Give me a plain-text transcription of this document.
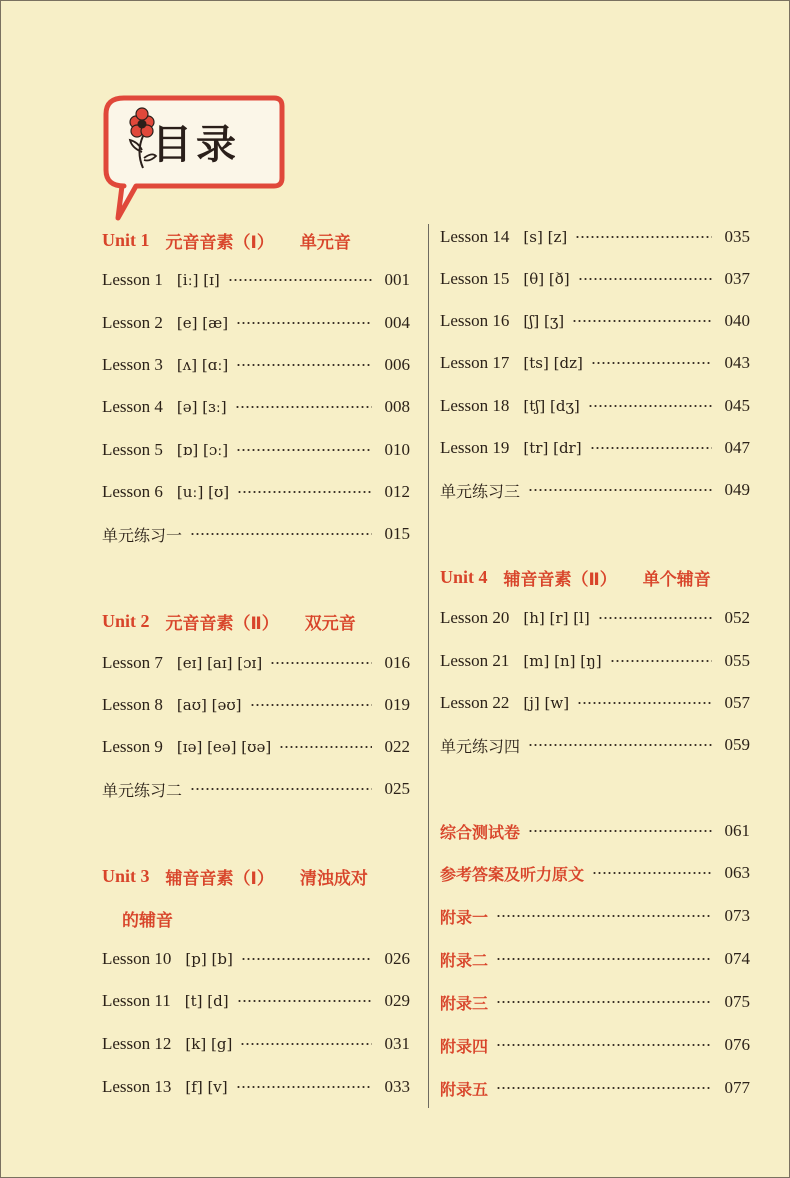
目录
Unit 1 元音音素（Ⅰ） 单元音
Unit 2 元音音素（Ⅱ） 双元音
Unit 3 辅音音素（Ⅰ） 清浊成对
的辅音
Unit 4 辅音音素（Ⅱ） 单个辅音
Lesson 1 [iː] [ɪ]	001
Lesson 2 [e] [æ]	004
Lesson 3 [ʌ] [ɑː]	006
Lesson 4 [ə] [ɜː]	008
Lesson 5 [ɒ] [ɔː]	010
Lesson 6 [uː] [ʊ]	012
单元练习一	015
Lesson 7 [eɪ] [aɪ] [ɔɪ]	016
Lesson 8 [aʊ] [əʊ]	019
Lesson 9 [ɪə] [eə] [ʊə]	022
单元练习二	025
Lesson 10 [p] [b]	026
Lesson 11 [t] [d]	029
Lesson 12 [k] [g]	031
Lesson 13 [f] [v]	033
Lesson 14 [s] [z]	035
Lesson 15 [θ] [ð]	037
Lesson 16 [ʃ] [ʒ]	040
Lesson 17 [ts] [dz]	043
Lesson 18 [tʃ] [dʒ]	045
Lesson 19 [tr] [dr]	047
单元练习三	049
Lesson 20 [h] [r] [l]	052
Lesson 21 [m] [n] [ŋ]	055
Lesson 22 [j] [w]	057
单元练习四	059
综合测试卷	061
参考答案及听力原文	063
附录一	073
附录二	074
附录三	075
附录四	076
附录五	077
